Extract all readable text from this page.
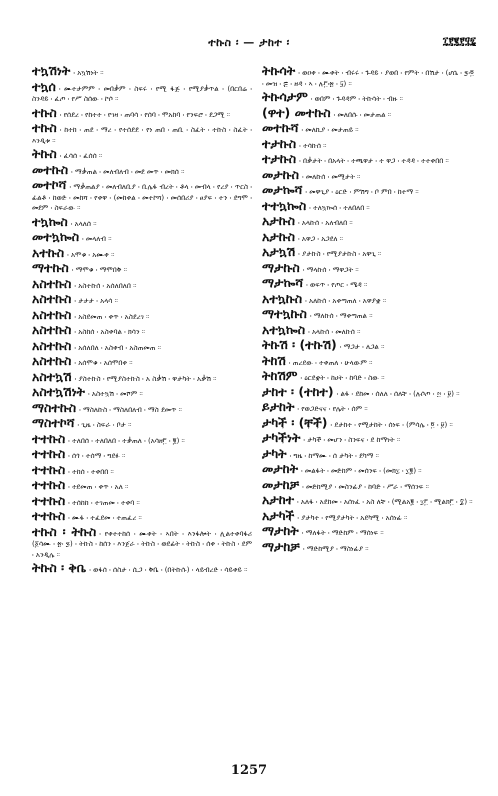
ተኩስ ፡ — ታከተ ፡	፲፻፪፻፶፯
ተኳሽነት ፡ አኳሽነት ።
ተኳሰ ፡ ሙተታምም ፡ መበቃም ፡ ስፍሩ ፡ የሚ ፋጅ ፡ የሚያቃጥል ፡ (በርበሬ ፡ ስንዳይ ፡ ፈጦ ፡ የሥ ስሰው ፡ ኮሶ ።
ተኩስ ፡ የሰደረ ፡ የከተተ ፡ የገዛ ፡ ጠባሳ ፡ የሰባ ፡ ሞአከባ ፡ የንፍሮ ፡ ደጋሚ ።
ተኩስ ፡ ከተከ ፡ ጠደ ፡ ማረ ፡ የተሰደደ ፡ የነ ጠበ ፡ ጠቢ ፡ ስፈት ፡ ተኩስ ፡ ስፈት ፡ እንዲቱ ።
ትኩስ ፡ ፈሳሰ ፡ ፈሰሰ ።
መተኩስ ፡ ማቃጠል ፡ መለብለብ ፡ መደ መጥ ፡ መክሰ ።
መተኮሻ ፡ ማቃጠልያ ፡ መለብለቢያ ፡ ቢሌፋ ብረት ፡ ቶላ ፡ መብላ ፡ የረያ ፡ ጥርስ ፡ ፊልቶ ፡ ከወድ ፡ መከሻ ፡ የቀዋ ፡ (መከቀል ፡ መተኮሻ) ፡ መሰበሪያ ፡ ፀያፍ ፡ ተን ፡ ደግሞ ፡ መደም ፡ ስፍራው ።
ተኳኰስ ፡ አላለሰ ።
መተኳኰስ ፡ መላለብ ።
አተኩስ ፡ አሞቁ ፡ አሙቀ ።
ማተኩስ ፡ ማሞቁ ፡ ማሞበቅ ።
አስተኩስ ፡ አስተኩሰ ፡ አሰለበለበ ።
አስተኩስ ፡ ታታታ ፡ አላሳ ።
አስተኩስ ፡ አስደመጠ ፡ ቀጥ ፡ አስደረገ ።
አስተኩስ ፡ አስከሰ ፡ አስቀባል ፡ ክሳን ።
አስተኩስ ፡ አሰለበለ ፡ አስቀብ ፡ አስጠመጠ ።
አስተኩስ ፡ አሰሞቁ ፡ አሰሞበቀ ።
አስተኳሽ ፡ ያስተኩስ ፡ የሚያስተኩስ ፡ አ ስቃሽ ፡ ዋታካት ፡ አቃሽ ።
አስተኳሽነት ፡ አስተኳሽ ፡ መሾም ።
ማስተኩስ ፡ ማስለኩስ ፡ ማስለበለብ ፡ ማስ ደመጥ ።
ማስተኮሻ ፡ ጊዜ ፡ ስፍራ ፡ ቦታ ።
ተተኩስ ፡ ተለበሰ ፡ ተለበለበ ፡ ተቃጠለ ፡ (አሳዘ፫ ፡ ፪) ።
ተተኩስ ፡ ሰጎ ፡ ተሰማ ፡ ግደፉ ።
ተተኩስ ፡ ተከሰ ፡ ተቀበበ ።
ተተኩስ ፡ ተደመጠ ፡ ቀጥ ፡ አለ ።
ተተኩስ ፡ ተሰከከ ፡ ተገጠመ ፡ ተቀባ ።
ተተኩስ ፡ ሙፋ ፡ ተፈደመ ፡ ተጠፈረ ።
ተኩስ ፡ ትኩስ ፡ የቀተተከሰ ፡ ሙቀት ፡ ኣበት ፡ እንፋሎት ፡ ሊልተቀባፋሪ (፩ሳሙ ፡ ፳፡ ፯) ፡ ትኩስ ፡ ከሰን ፡ እንጀራ ፡ ትኩስ ፡ ወደፊት ፡ ትኩስ ፡ ሰቀ ፡ ትኩስ ፡ ደም ፡ አንዲሌ ።
ትኩስ ፡ ቅቤ ፡ ወፋሰ ፡ ሰስታ ፡ ሲጋ ፡ ቅቤ ፡ (በትኩሱ) ፡ ላይብረድ ፡ ሳይቀይ ።
ትኩሳት ፡ ወዐቀ ፡ ሙቀት ፡ ብሩሩ ፡ ጉዳይ ፡ ያወበ ፡ የምት ፡ በሽታ ፡ (ሆሴ ፡ ፯፡፬ ፡ መዝ ፡ ፷ ፡ ዘዳ ፡ ኣ ፡ ሉ፫፡፳ ፡ ፶) ።
ትኩሳታም ፡ ወበም ፡ ጉዳዳም ፡ ትኩሳት ፡ ብዙ ።
(ዋተ) መተኩስ ፡ መለበሱ ፡ መታጠል ።
መተኩሻ ፡ መለኪያ ፡ መታጠይ ።
ተታኩስ ፡ ተሳኩሰ ።
ተታኩስ ፡ በቃታት ፡ በአላት ፡ ተጫዋታ ፡ ተ ዋጋ ፡ ተዳዳ ፡ ተተቀበበ ።
መታኩስ ፡ መለኩሰ ፡ መሚታት ።
መታኰሻ ፡ መዋጊያ ፡ ዕርድ ፡ ምሽግ ፡ ቦ ምበ ፡ ከተማ ።
ተተኳኰስ ፡ ተለኳኰሰ ፡ ተለበለበ ።
አታኩስ ፡ አላኩሰ ፡ አለብለበ ።
አታኩስ ፡ አዋጋ ፡ አጋደለ ።
አታኳሽ ፡ ያታኩስ ፡ የሚያታኩስ ፡ አዋጊ ።
ማታኩስ ፡ ማላኩሰ ፡ ማዋጋት ።
ማታኰሻ ፡ ወፍጥ ፡ የጦር ፡ ሜዳ ።
አተኳኩስ ፡ አለኩሰ ፡ አቀጣጠለ ፡ አዋያቋ ።
ማተኳኩስ ፡ ማለኩሰ ፡ ማቀጣጠል ።
አተኳኰስ ፡ አላኩሰ ፡ መለኩሰ ።
ትኩሽ ፡ (ተኩሽ) ፡ ማጋታ ፡ ለጋል ።
ትከሽ ፡ ጠረደው ፡ ተቀጠለ ፡ ሁላውም ።
ትከሽም ፡ ዕርደቋት ፡ ከሀት ፡ ከባድ ፡ ስው ።
ታከተ ፡ (ተከተ) ፡ ልፋ ፡ ደከመ ፡ ሰለለ ፡ ሰለቸ ፡ (ሉሶጦ ፡ ፵ ፡ ፱) ።
ይታከት ፡ የወጋድናና ፡ የሌት ፡ ሰም ።
ታካች ፡ (ቸች) ፡ ደታከተ ፡ የሚታከት ፡ ሰነፍ ፡ (ምሳሌ ፡ ፬ ፡ ፱) ።
ታካችነት ፡ ታካች ፡ መሆን ፡ ስንፍና ፡ ደ ከማነት ።
ታካት ፡ ግዜ ፡ ከማሙ ፡ ሰ ታካት ፡ ደካማ ።
መታከት ፡ መልፋት ፡ መድከም ፡ መሰንፍ ፡ (መክ፲ ፡ ፲፪) ።
መታከቻ ፡ መድከሚያ ፡ መስንፊያ ፡ ከባድ ፡ ሥራ ፡ ማሰንፍ ።
አታከተ ፡ አለፋ ፡ አደከመ ፡ አሰነፈ ፡ አስ ለቸ ፡ (ሚልአ፪ ፡ ፲፫ ፡ ሚልክ፫ ፡ ፰) ።
አታካች ፡ ያታካተ ፡ የሚያታካት ፡ አደካሚ ፡ አሰነፊ ።
ማታከት ፡ ማለፋት ፡ ማድከም ፡ ማሰነፍ ።
ማታከቻ ፡ ማድከሚያ ፡ ማስነፊያ ።
1257
